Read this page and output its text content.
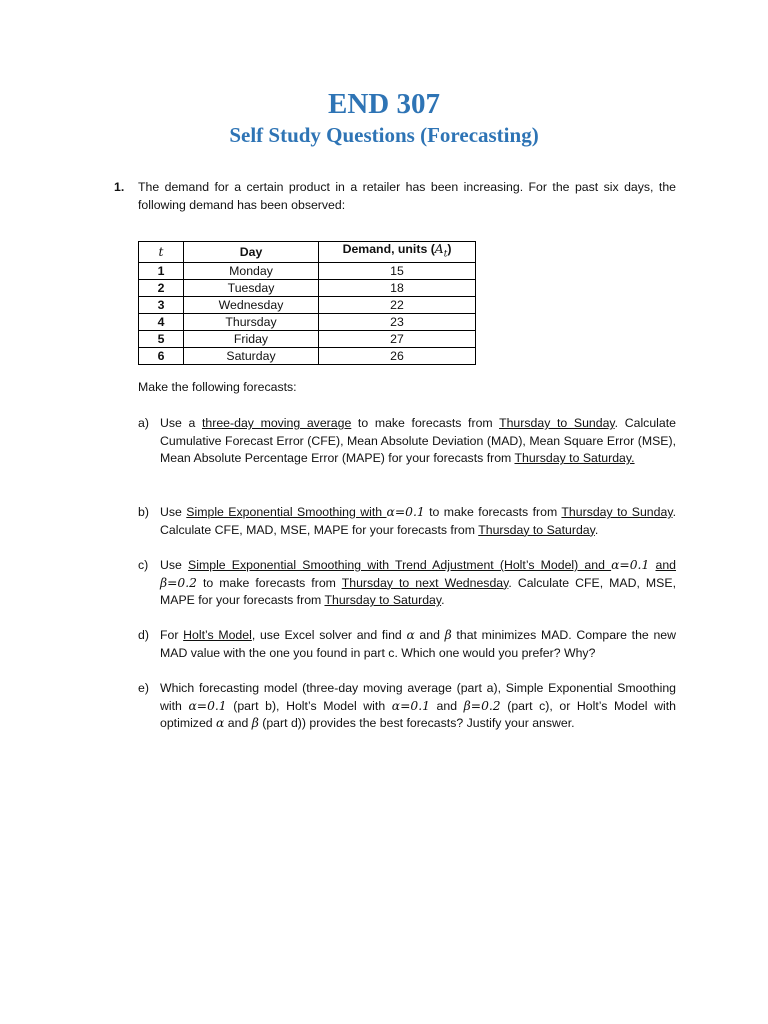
END 307
Self Study Questions (Forecasting)
1. The demand for a certain product in a retailer has been increasing. For the past six days, the following demand has been observed:
t	Day	Demand, units $(A_t)$
1	Monday	15
2	Tuesday	18
3	Wednesday	22
4	Thursday	23
5	Friday	27
6	Saturday	26
Make the following forecasts:
a) Use a three-day moving average to make forecasts from Thursday to Sunday. Calculate Cumulative Forecast Error (CFE), Mean Absolute Deviation (MAD), Mean Square Error (MSE), Mean Absolute Percentage Error (MAPE) for your forecasts from Thursday to Saturday.
b) Use Simple Exponential Smoothing with α=0.1 to make forecasts from Thursday to Sunday. Calculate CFE, MAD, MSE, MAPE for your forecasts from Thursday to Saturday.
c) Use Simple Exponential Smoothing with Trend Adjustment (Holt’s Model) and α=0.1 and β=0.2 to make forecasts from Thursday to next Wednesday. Calculate CFE, MAD, MSE, MAPE for your forecasts from Thursday to Saturday.
d) For Holt’s Model, use Excel solver and find α and β that minimizes MAD. Compare the new MAD value with the one you found in part c. Which one would you prefer? Why?
e) Which forecasting model (three-day moving average (part a), Simple Exponential Smoothing with α=0.1 (part b), Holt’s Model with α=0.1 and β=0.2 (part c), or Holt’s Model with optimized α and β (part d)) provides the best forecasts? Justify your answer.
